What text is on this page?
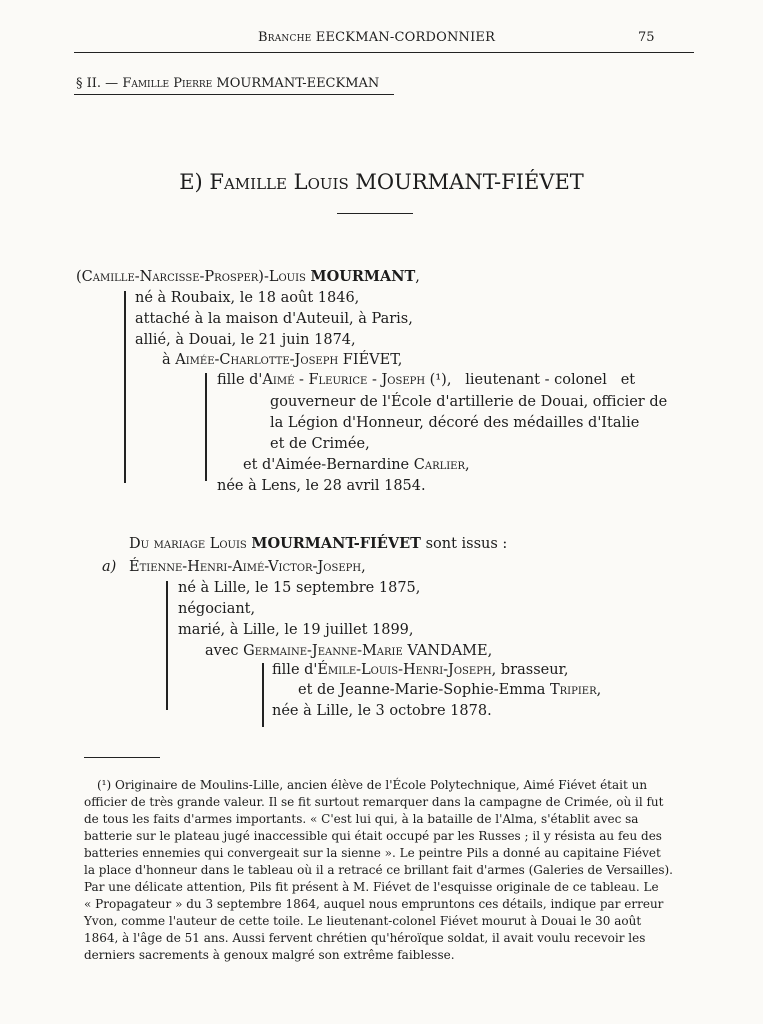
Branche EECKMAN-CORDONNIER	75
§ II. — Famille Pierre MOURMANT-EECKMAN
E) Famille Louis MOURMANT-FIÉVET
(Camille-Narcisse-Prosper)-Louis MOURMANT,
né à Roubaix, le 18 août 1846,
attaché à la maison d'Auteuil, à Paris,
allié, à Douai, le 21 juin 1874,
à Aimée-Charlotte-Joseph FIÉVET,
fille d'Aimé - Fleurice - Joseph (¹),   lieutenant - colonel   et
gouverneur de l'École d'artillerie de Douai, officier de
la Légion d'Honneur, décoré des médailles d'Italie
et de Crimée,
et d'Aimée-Bernardine Carlier,
née à Lens, le 28 avril 1854.
Du mariage Louis MOURMANT-FIÉVET sont issus :
a) Étienne-Henri-Aimé-Victor-Joseph,
né à Lille, le 15 septembre 1875,
négociant,
marié, à Lille, le 19 juillet 1899,
avec Germaine-Jeanne-Marie VANDAME,
fille d'Émile-Louis-Henri-Joseph, brasseur,
et de Jeanne-Marie-Sophie-Emma Tripier,
née à Lille, le 3 octobre 1878.
(¹) Originaire de Moulins-Lille, ancien élève de l'École Polytechnique, Aimé Fiévet était un
officier de très grande valeur. Il se fit surtout remarquer dans la campagne de Crimée, où il fut
de tous les faits d'armes importants. « C'est lui qui, à la bataille de l'Alma, s'établit avec sa
batterie sur le plateau jugé inaccessible qui était occupé par les Russes ; il y résista au feu des
batteries ennemies qui convergeait sur la sienne ». Le peintre Pils a donné au capitaine Fiévet
la place d'honneur dans le tableau où il a retracé ce brillant fait d'armes (Galeries de Versailles).
Par une délicate attention, Pils fit présent à M. Fiévet de l'esquisse originale de ce tableau. Le
« Propagateur » du 3 septembre 1864, auquel nous empruntons ces détails, indique par erreur
Yvon, comme l'auteur de cette toile. Le lieutenant-colonel Fiévet mourut à Douai le 30 août
1864, à l'âge de 51 ans. Aussi fervent chrétien qu'héroïque soldat, il avait voulu recevoir les
derniers sacrements à genoux malgré son extrême faiblesse.
